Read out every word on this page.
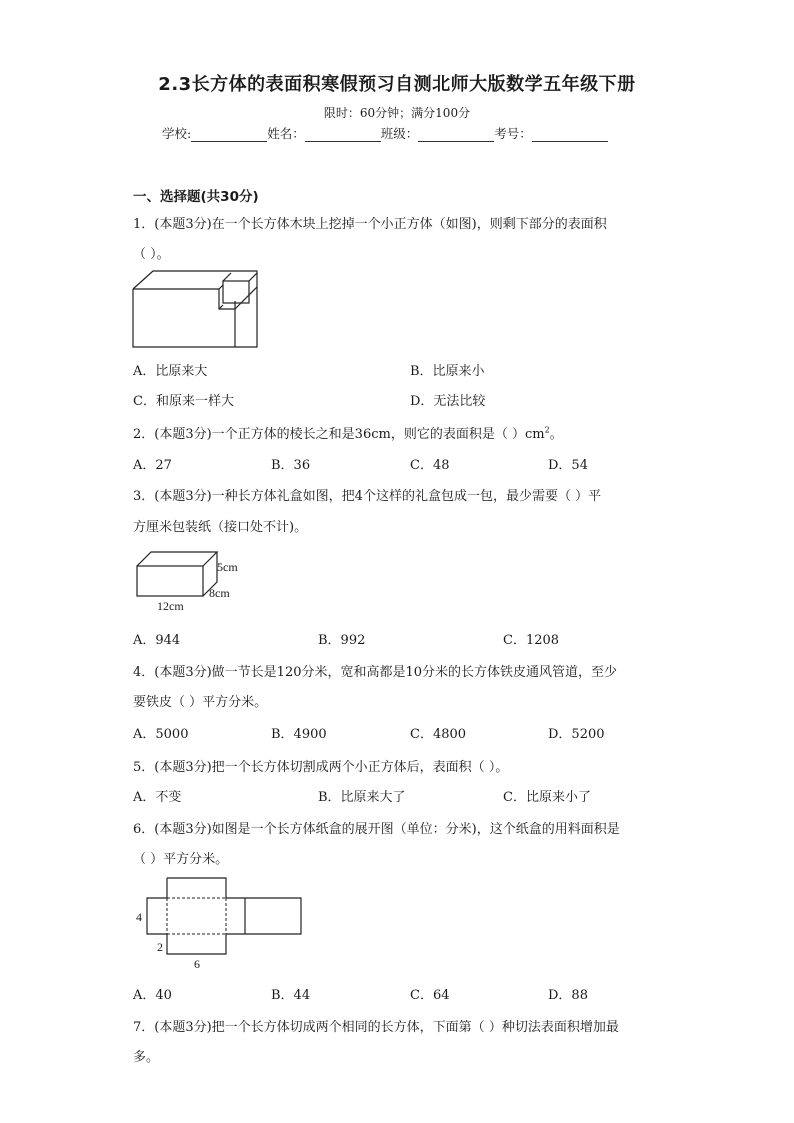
2.3长方体的表面积寒假预习自测北师大版数学五年级下册
限时：60分钟；满分100分
学校:	姓名：	班级：	考号：
一、选择题(共30分)
1．(本题3分)在一个长方体木块上挖掉一个小正方体（如图)，则剩下部分的表面积
（ ）。
A．比原来大	B．比原来小
C．和原来一样大	D．无法比较
2．(本题3分)一个正方体的棱长之和是36cm，则它的表面积是（ ）$cm^2$。
A．27	B．36	C．48	D．54
3．(本题3分)一种长方体礼盒如图，把4个这样的礼盒包成一包，最少需要（ ）平
方厘米包装纸（接口处不计)。
5cm
8cm
12cm
A．944	B．992	C．1208
4．(本题3分)做一节长是120分米，宽和高都是10分米的长方体铁皮通风管道，至少
要铁皮（ ）平方分米。
A．5000	B．4900	C．4800	D．5200
5．(本题3分)把一个长方体切割成两个小正方体后，表面积（ ）。
A．不变	B．比原来大了	C．比原来小了
6．(本题3分)如图是一个长方体纸盒的展开图（单位：分米)，这个纸盒的用料面积是
（ ）平方分米。
4
2
6
A．40	B．44	C．64	D．88
7．(本题3分)把一个长方体切成两个相同的长方体，下面第（ ）种切法表面积增加最
多。
